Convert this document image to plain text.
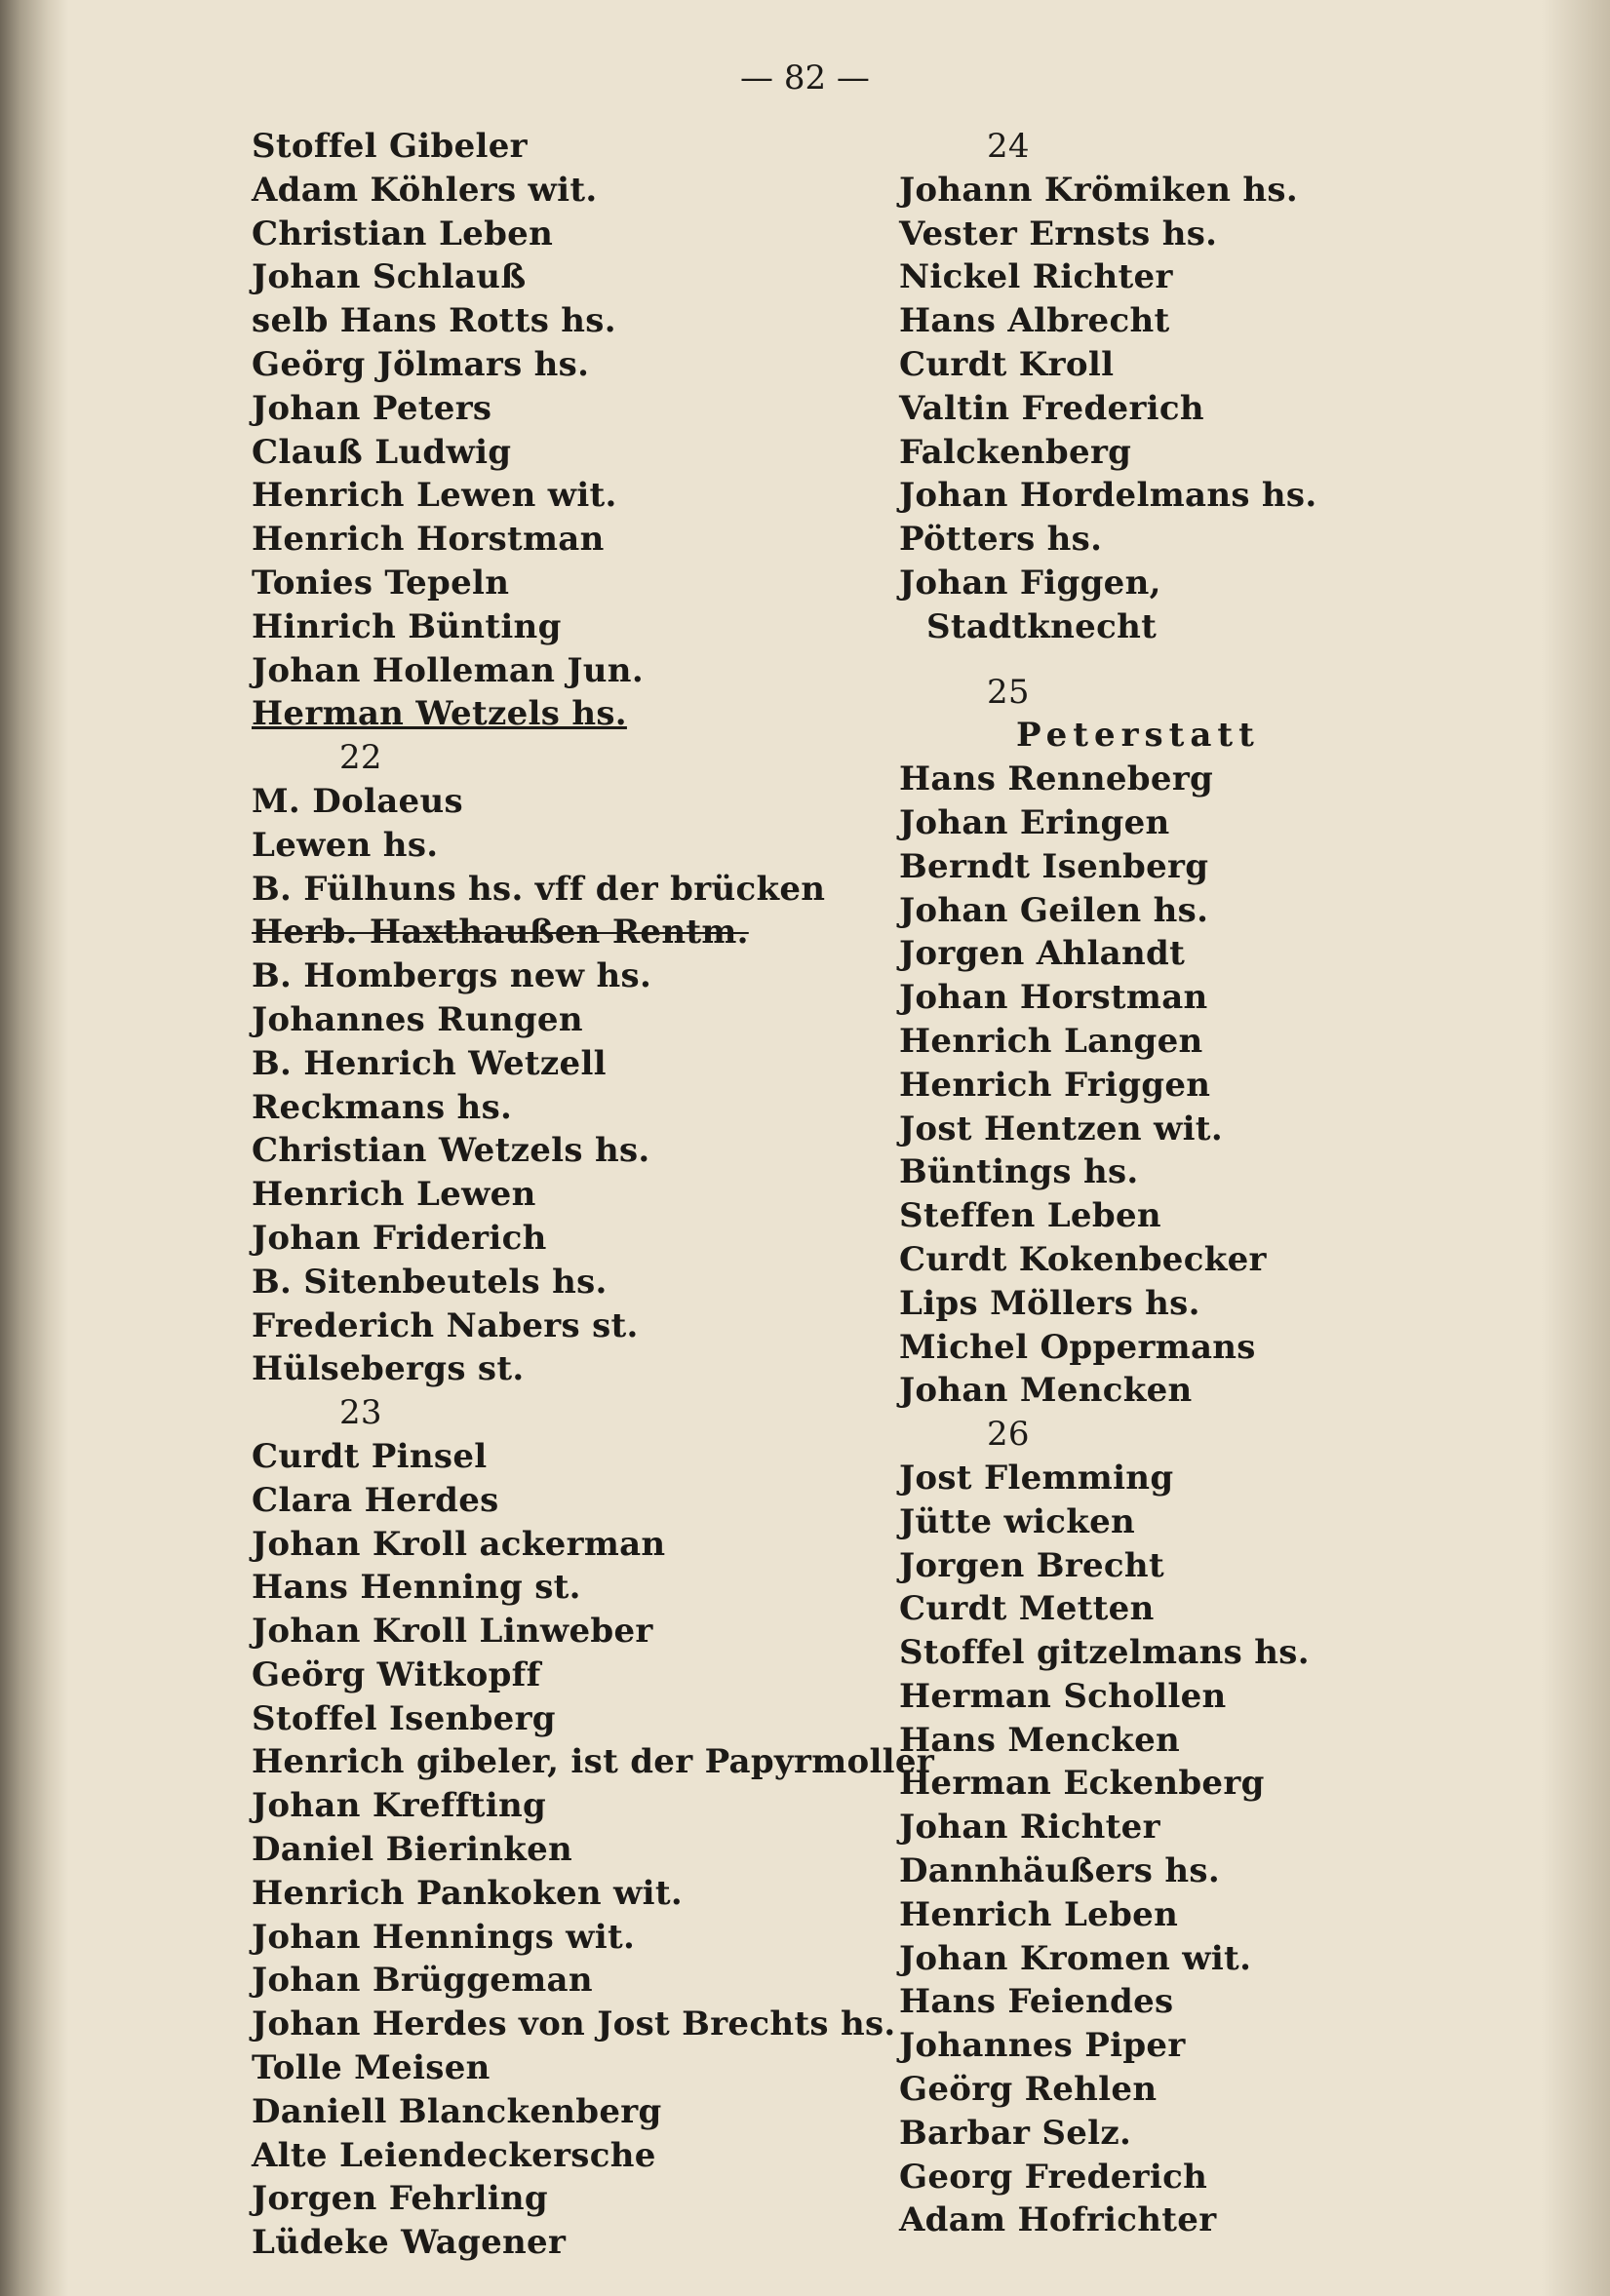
— 82 —
Stoffel Gibeler
Adam Köhlers wit.
Christian Leben
Johan Schlauß
selb Hans Rotts hs.
Geörg Jölmars hs.
Johan Peters
Clauß Ludwig
Henrich Lewen wit.
Henrich Horstman
Tonies Tepeln
Hinrich Bünting
Johan Holleman Jun.
Herman Wetzels hs.
22
M. Dolaeus
Lewen hs.
B. Fülhuns hs. vff der brücken
Herb. Haxthaußen Rentm.
B. Hombergs new hs.
Johannes Rungen
B. Henrich Wetzell
Reckmans hs.
Christian Wetzels hs.
Henrich Lewen
Johan Friderich
B. Sitenbeutels hs.
Frederich Nabers st.
Hülsebergs st.
23
Curdt Pinsel
Clara Herdes
Johan Kroll ackerman
Hans Henning st.
Johan Kroll Linweber
Geörg Witkopff
Stoffel Isenberg
Henrich gibeler, ist der Papyrmoller
Johan Kreffting
Daniel Bierinken
Henrich Pankoken wit.
Johan Hennings wit.
Johan Brüggeman
Johan Herdes von Jost Brechts hs.
Tolle Meisen
Daniell Blanckenberg
Alte Leiendeckersche
Jorgen Fehrling
Lüdeke Wagener
24
Johann Krömiken hs.
Vester Ernsts hs.
Nickel Richter
Hans Albrecht
Curdt Kroll
Valtin Frederich
Falckenberg
Johan Hordelmans hs.
Pötters hs.
Johan Figgen,
Stadtknecht
25
Peterstatt
Hans Renneberg
Johan Eringen
Berndt Isenberg
Johan Geilen hs.
Jorgen Ahlandt
Johan Horstman
Henrich Langen
Henrich Friggen
Jost Hentzen wit.
Büntings hs.
Steffen Leben
Curdt Kokenbecker
Lips Möllers hs.
Michel Oppermans
Johan Mencken
26
Jost Flemming
Jütte wicken
Jorgen Brecht
Curdt Metten
Stoffel gitzelmans hs.
Herman Schollen
Hans Mencken
Herman Eckenberg
Johan Richter
Dannhäußers hs.
Henrich Leben
Johan Kromen wit.
Hans Feiendes
Johannes Piper
Geörg Rehlen
Barbar Selz.
Georg Frederich
Adam Hofrichter
